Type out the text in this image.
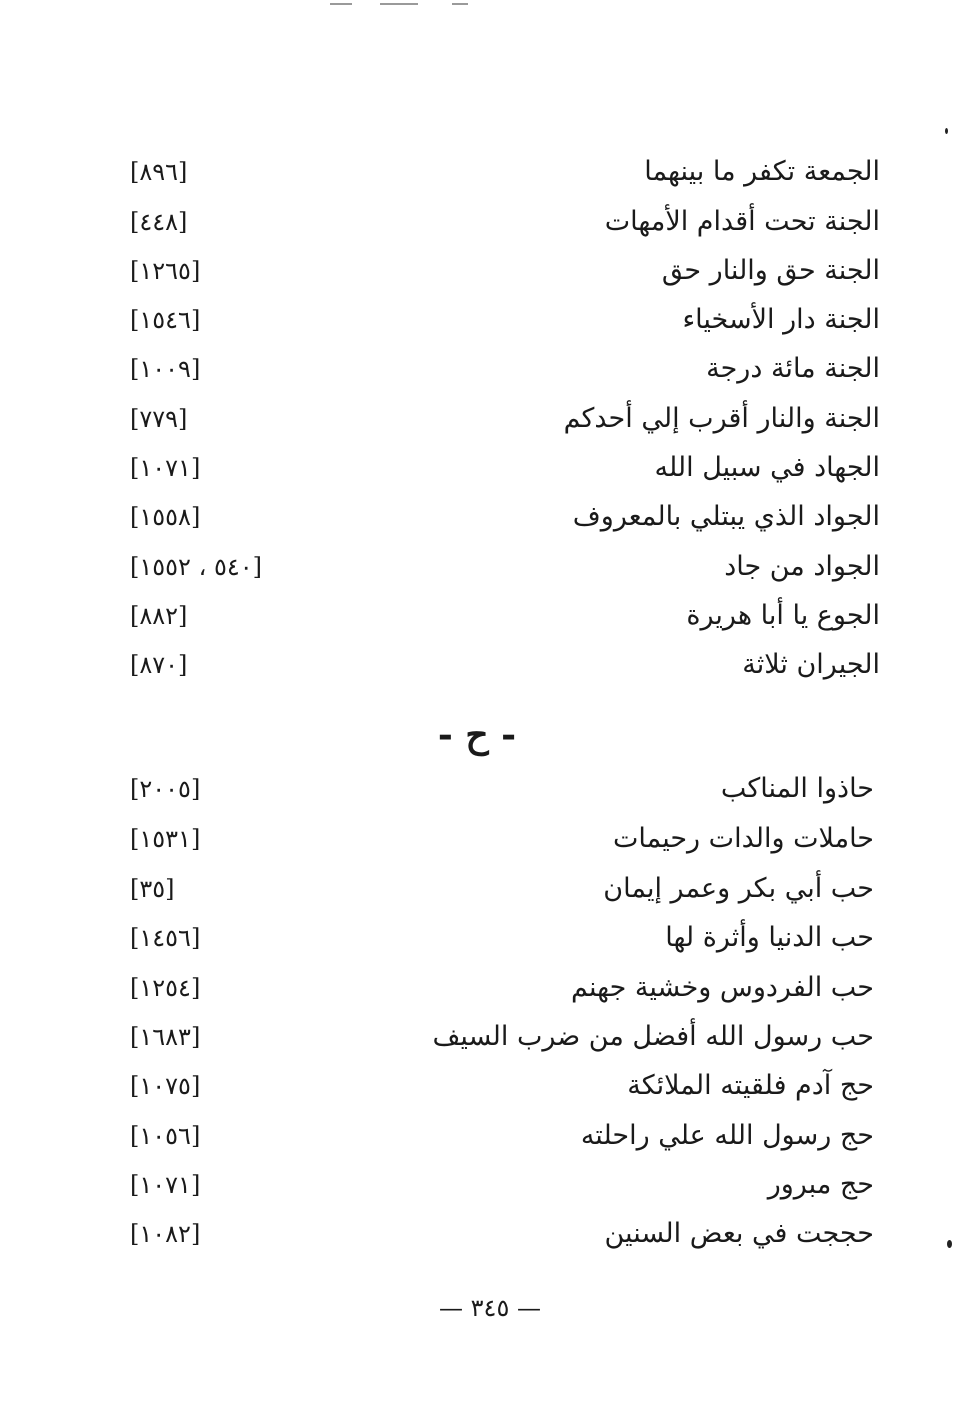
الجمعة تكفر ما بينهما
[٨٩٦]
الجنة تحت أقدام الأمهات
[٤٤٨]
الجنة حق والنار حق
[١٢٦٥]
الجنة دار الأسخياء
[١٥٤٦]
الجنة مائة درجة
[١٠٠٩]
الجنة والنار أقرب إلي أحدكم
[٧٧٩]
الجهاد في سبيل الله
[١٠٧١]
الجواد الذي يبتلي بالمعروف
[١٥٥٨]
الجواد من جاد
[٥٤٠ ، ١٥٥٢]
الجوع يا أبا هريرة
[٨٨٢]
الجيران ثلاثة
[٨٧٠]
- ح -
حاذوا المناكب
[٢٠٠٥]
حاملات والدات رحيمات
[١٥٣١]
حب أبي بكر وعمر إيمان
[٣٥]
حب الدنيا وأثرة لها
[١٤٥٦]
حب الفردوس وخشية جهنم
[١٢٥٤]
حب رسول الله أفضل من ضرب السيف
[١٦٨٣]
حج آدم فلقيته الملائكة
[١٠٧٥]
حج رسول الله علي راحلته
[١٠٥٦]
حج مبرور
[١٠٧١]
حججت في بعض السنين
[١٠٨٢]
— ٣٤٥ —
